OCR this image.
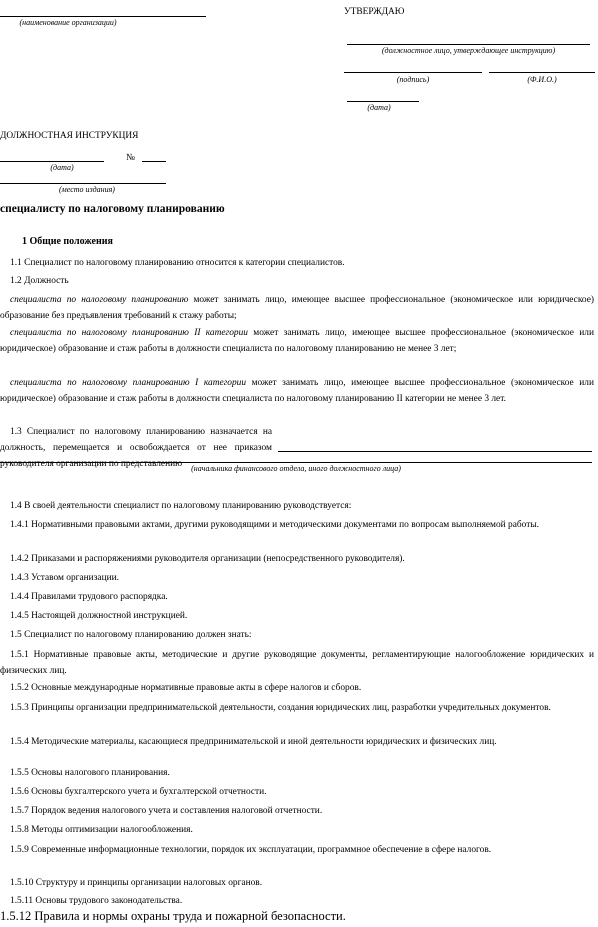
(наименование организации)
УТВЕРЖДАЮ
(должностное лицо, утверждающее инструкцию)
(подпись)	(Ф.И.О.)
(дата)
ДОЛЖНОСТНАЯ ИНСТРУКЦИЯ
№
(дата)
(место издания)
специалисту по налоговому планированию
1 Общие положения
1.1 Специалист по налоговому планированию относится к категории специалистов.
1.2 Должность
специалиста по налоговому планированию может занимать лицо, имеющее высшее профессиональное (экономическое или юридическое) образование без предъявления требований к стажу работы;
специалиста по налоговому планированию II категории может занимать лицо, имеющее высшее профессиональное (экономическое или юридическое) образование и стаж работы в должности специалиста по налоговому планированию не менее 3 лет;
специалиста по налоговому планированию I категории может занимать лицо, имеющее высшее профессиональное (экономическое или юридическое) образование и стаж работы в должности специалиста по налоговому планированию II категории не менее 3 лет.
1.3 Специалист по налоговому планированию назначается на должность, перемещается и освобождается от нее приказом руководителя организации по представлению	(начальника финансового отдела, иного должностного лица)
1.4 В своей деятельности специалист по налоговому планированию руководствуется:
1.4.1 Нормативными правовыми актами, другими руководящими и методическими документами по вопросам выполняемой работы.
1.4.2 Приказами и распоряжениями руководителя организации (непосредственного руководителя).
1.4.3 Уставом организации.
1.4.4 Правилами трудового распорядка.
1.4.5 Настоящей должностной инструкцией.
1.5 Специалист по налоговому планированию должен знать:
1.5.1 Нормативные правовые акты, методические и другие руководящие документы, регламентирующие налогообложение юридических и физических лиц.
1.5.2 Основные международные нормативные правовые акты в сфере налогов и сборов.
1.5.3 Принципы организации предпринимательской деятельности, создания юридических лиц, разработки учредительных документов.
1.5.4 Методические материалы, касающиеся предпринимательской и иной деятельности юридических и физических лиц.
1.5.5 Основы налогового планирования.
1.5.6 Основы бухгалтерского учета и бухгалтерской отчетности.
1.5.7 Порядок ведения налогового учета и составления налоговой отчетности.
1.5.8 Методы оптимизации налогообложения.
1.5.9 Современные информационные технологии, порядок их эксплуатации, программное обеспечение в сфере налогов.
1.5.10 Структуру и принципы организации налоговых органов.
1.5.11 Основы трудового законодательства.
1.5.12 Правила и нормы охраны труда и пожарной безопасности.
